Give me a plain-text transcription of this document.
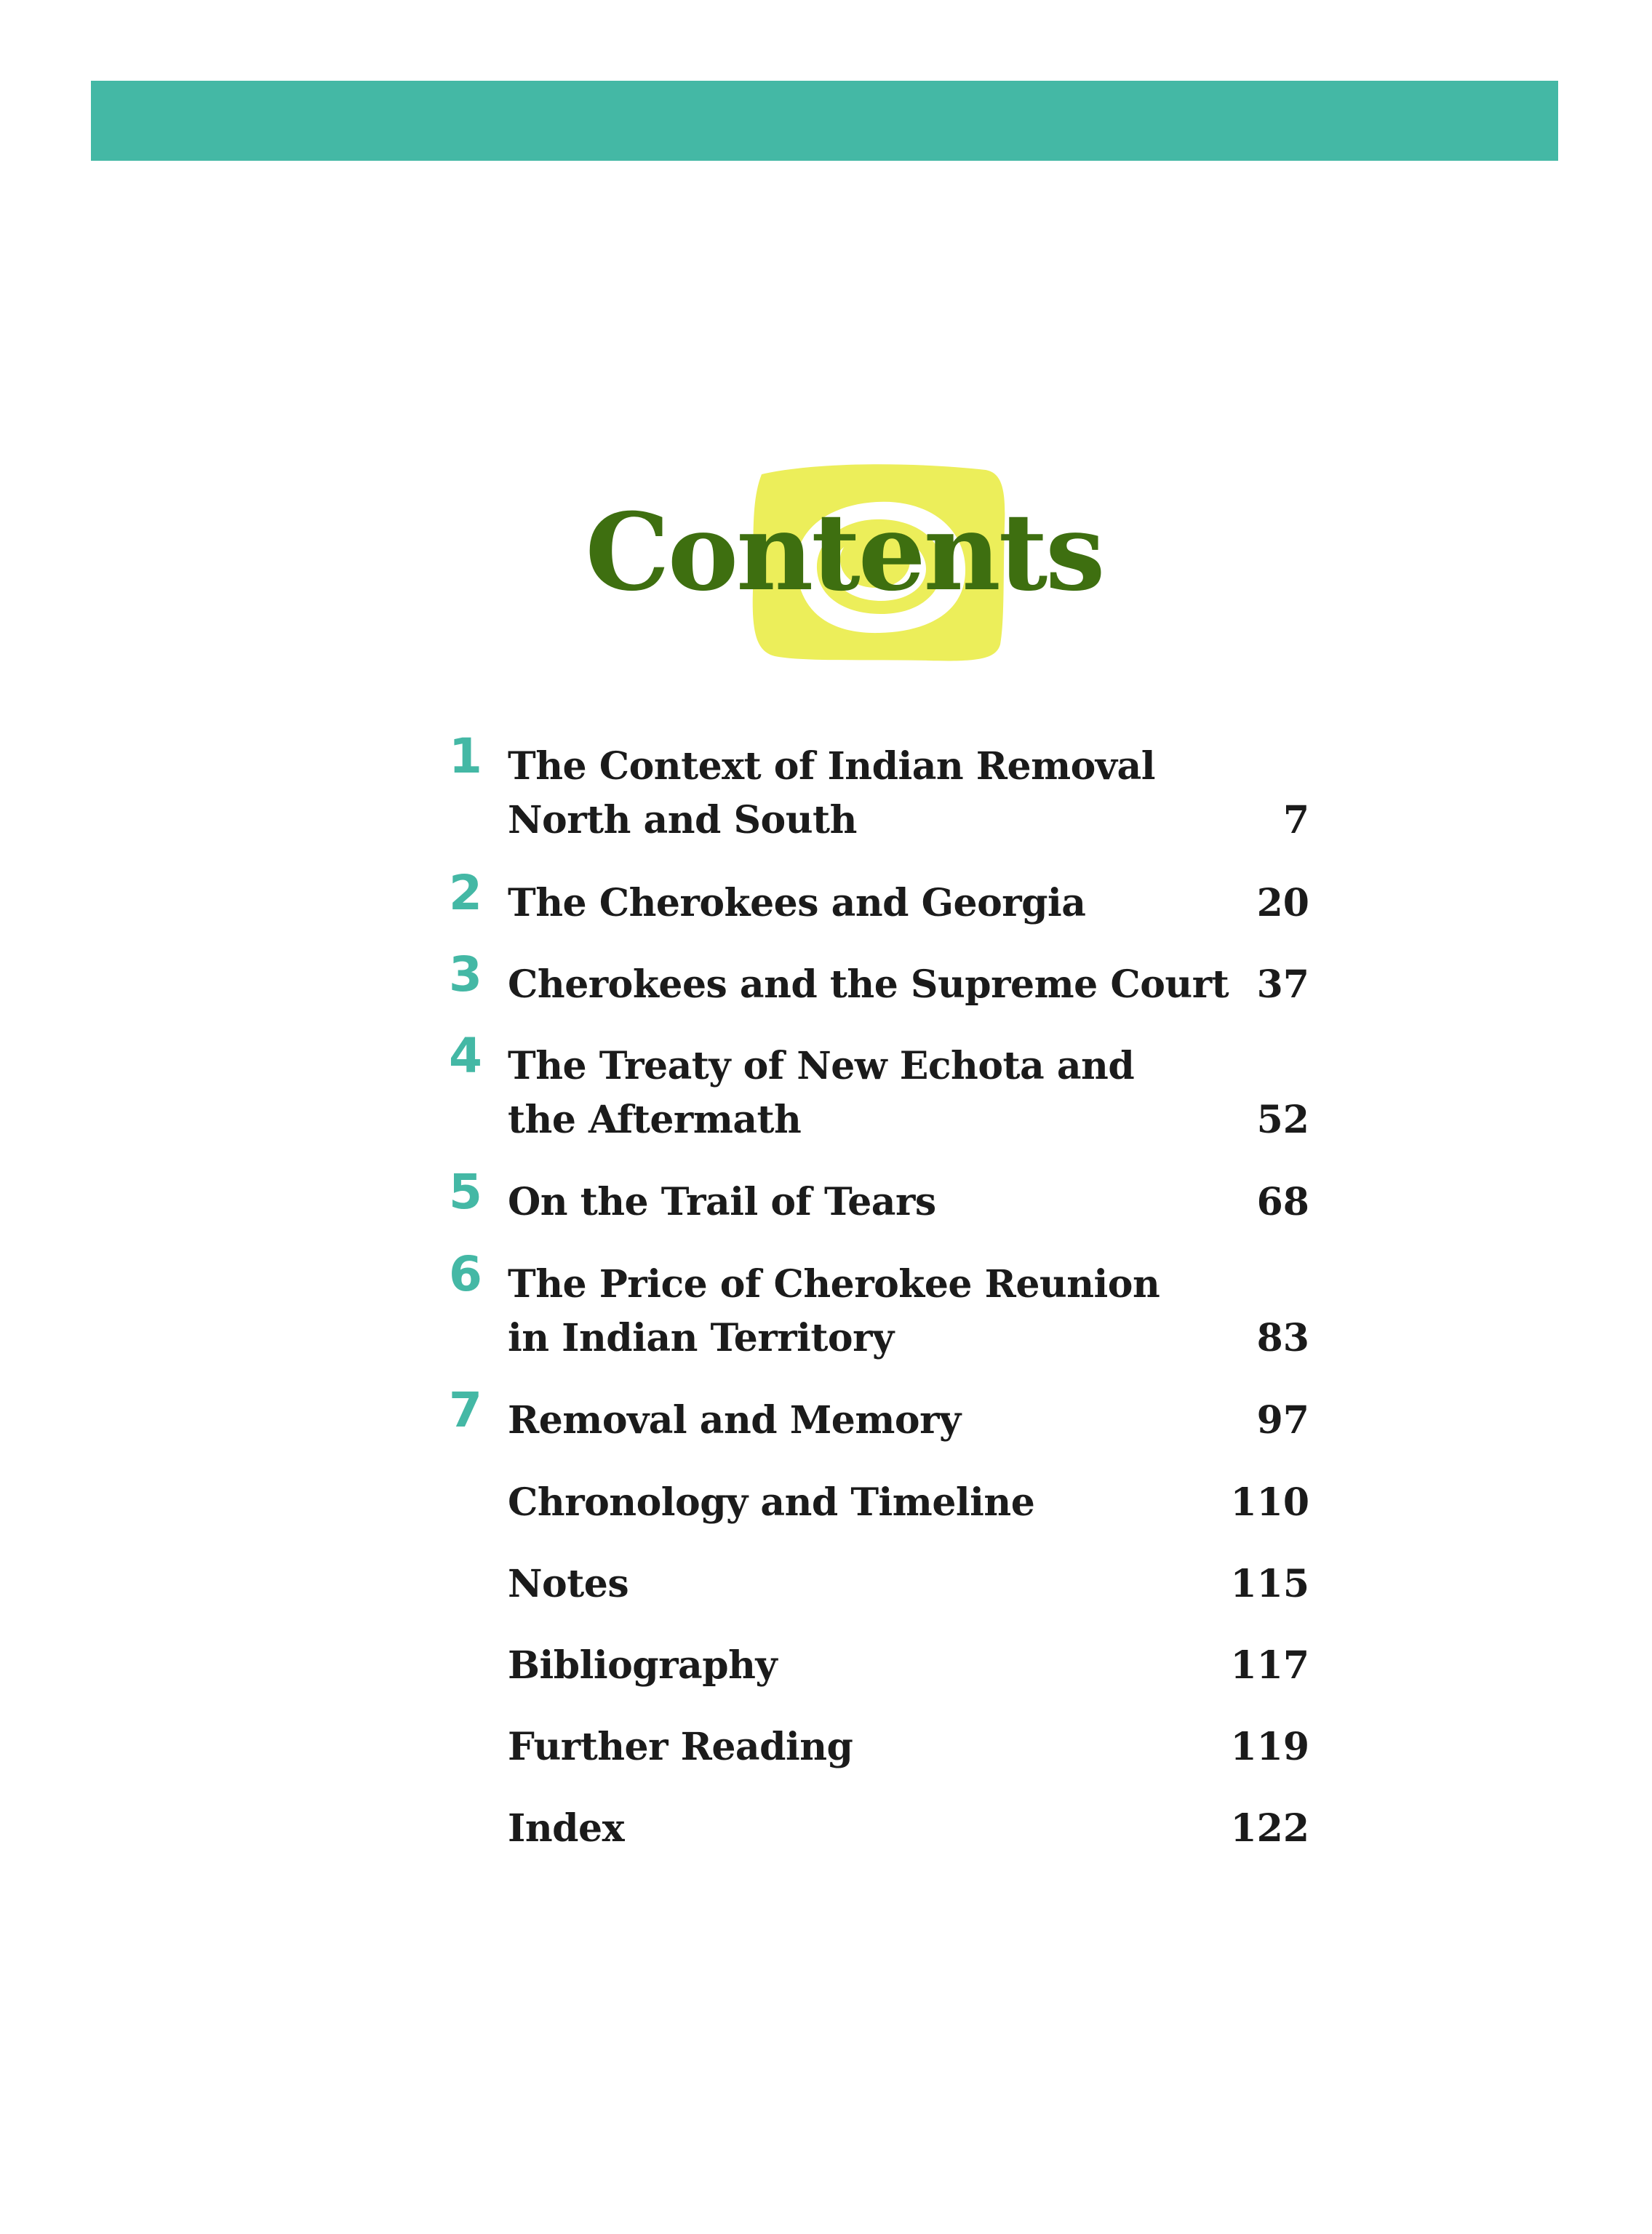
Contents
1 The Context of Indian Removal
North and South	7
2 The Cherokees and Georgia	20
3 Cherokees and the Supreme Court 37
4 The Treaty of New Echota and
the Aftermath	52
5 On the Trail of Tears	68
6 The Price of Cherokee Reunion
in Indian Territory	83
7 Removal and Memory	97
Chronology and Timeline	110
Notes	115
Bibliography	117
Further Reading	119
Index	122
